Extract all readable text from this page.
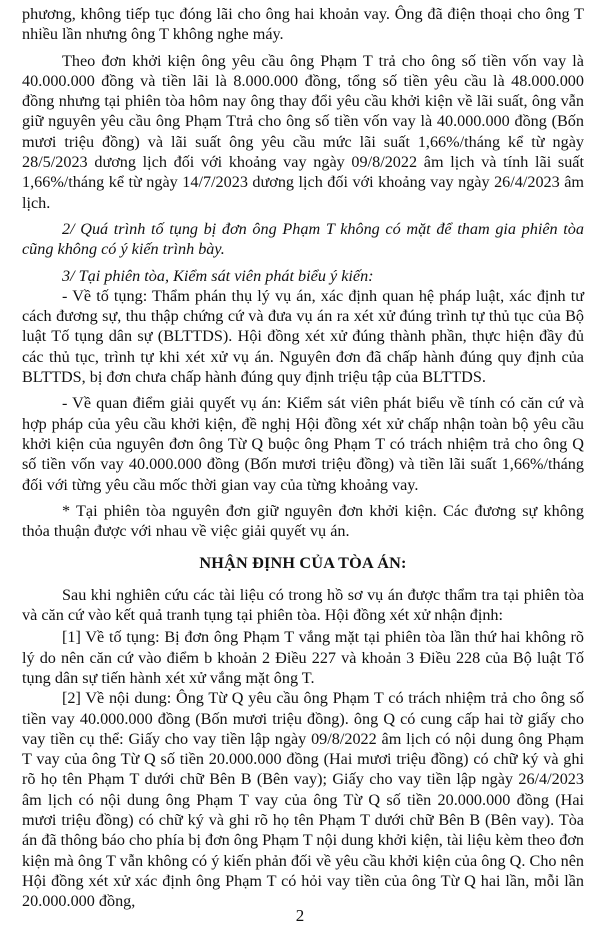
phương, không tiếp tục đóng lãi cho ông hai khoản vay. Ông đã điện thoại cho ông T nhiều lần nhưng ông T không nghe máy.

Theo đơn khởi kiện ông yêu cầu ông Phạm T trả cho ông số tiền vốn vay là 40.000.000 đồng và tiền lãi là 8.000.000 đồng, tổng số tiền yêu cầu là 48.000.000 đồng nhưng tại phiên tòa hôm nay ông thay đổi yêu cầu khởi kiện về lãi suất, ông vẫn giữ nguyên yêu cầu ông Phạm Ttrả cho ông số tiền vốn vay là 40.000.000 đồng (Bốn mươi triệu đồng) và lãi suất ông yêu cầu mức lãi suất 1,66%/tháng kể từ ngày 28/5/2023 dương lịch đối với khoảng vay ngày 09/8/2022 âm lịch và tính lãi suất 1,66%/tháng kể từ ngày 14/7/2023 dương lịch đối với khoảng vay ngày 26/4/2023 âm lịch.

2/ Quá trình tố tụng bị đơn ông Phạm T không có mặt để tham gia phiên tòa cũng không có ý kiến trình bày.

3/ Tại phiên tòa, Kiểm sát viên phát biểu ý kiến:

- Về tố tụng: Thẩm phán thụ lý vụ án, xác định quan hệ pháp luật, xác định tư cách đương sự, thu thập chứng cứ và đưa vụ án ra xét xử đúng trình tự thủ tục của Bộ luật Tố tụng dân sự (BLTTDS). Hội đồng xét xử đúng thành phần, thực hiện đầy đủ các thủ tục, trình tự khi xét xử vụ án. Nguyên đơn đã chấp hành đúng quy định của BLTTDS, bị đơn chưa chấp hành đúng quy định triệu tập của BLTTDS.

- Về quan điểm giải quyết vụ án: Kiểm sát viên phát biểu về tính có căn cứ và hợp pháp của yêu cầu khởi kiện, đề nghị Hội đồng xét xử chấp nhận toàn bộ yêu cầu khởi kiện của nguyên đơn ông Từ Q buộc ông Phạm T có trách nhiệm trả cho ông Q số tiền vốn vay 40.000.000 đồng (Bốn mươi triệu đồng) và tiền lãi suất 1,66%/tháng đối với từng yêu cầu mốc thời gian vay của từng khoảng vay.

* Tại phiên tòa nguyên đơn giữ nguyên đơn khởi kiện. Các đương sự không thỏa thuận được với nhau về việc giải quyết vụ án.

NHẬN ĐỊNH CỦA TÒA ÁN:

Sau khi nghiên cứu các tài liệu có trong hồ sơ vụ án được thẩm tra tại phiên tòa và căn cứ vào kết quả tranh tụng tại phiên tòa. Hội đồng xét xử nhận định:

[1] Về tố tụng: Bị đơn ông Phạm T vắng mặt tại phiên tòa lần thứ hai không rõ lý do nên căn cứ vào điểm b khoản 2 Điều 227 và khoản 3 Điều 228 của Bộ luật Tố tụng dân sự tiến hành xét xử vắng mặt ông T.

[2] Về nội dung: Ông Từ Q yêu cầu ông Phạm T có trách nhiệm trả cho ông số tiền vay 40.000.000 đồng (Bốn mươi triệu đồng). ông Q có cung cấp hai tờ giấy cho vay tiền cụ thể: Giấy cho vay tiền lập ngày 09/8/2022 âm lịch có nội dung ông Phạm T vay của ông Từ Q số tiền 20.000.000 đồng (Hai mươi triệu đồng) có chữ ký và ghi rõ họ tên Phạm T dưới chữ Bên B (Bên vay); Giấy cho vay tiền lập ngày 26/4/2023 âm lịch có nội dung ông Phạm T vay của ông Từ Q số tiền 20.000.000 đồng (Hai mươi triệu đồng) có chữ ký và ghi rõ họ tên Phạm T dưới chữ Bên B (Bên vay). Tòa án đã thông báo cho phía bị đơn ông Phạm T nội dung khởi kiện, tài liệu kèm theo đơn kiện mà ông T vẫn không có ý kiến phản đối về yêu cầu khởi kiện của ông Q. Cho nên Hội đồng xét xử xác định ông Phạm T có hỏi vay tiền của ông Từ Q hai lần, mỗi lần 20.000.000 đồng,

2
